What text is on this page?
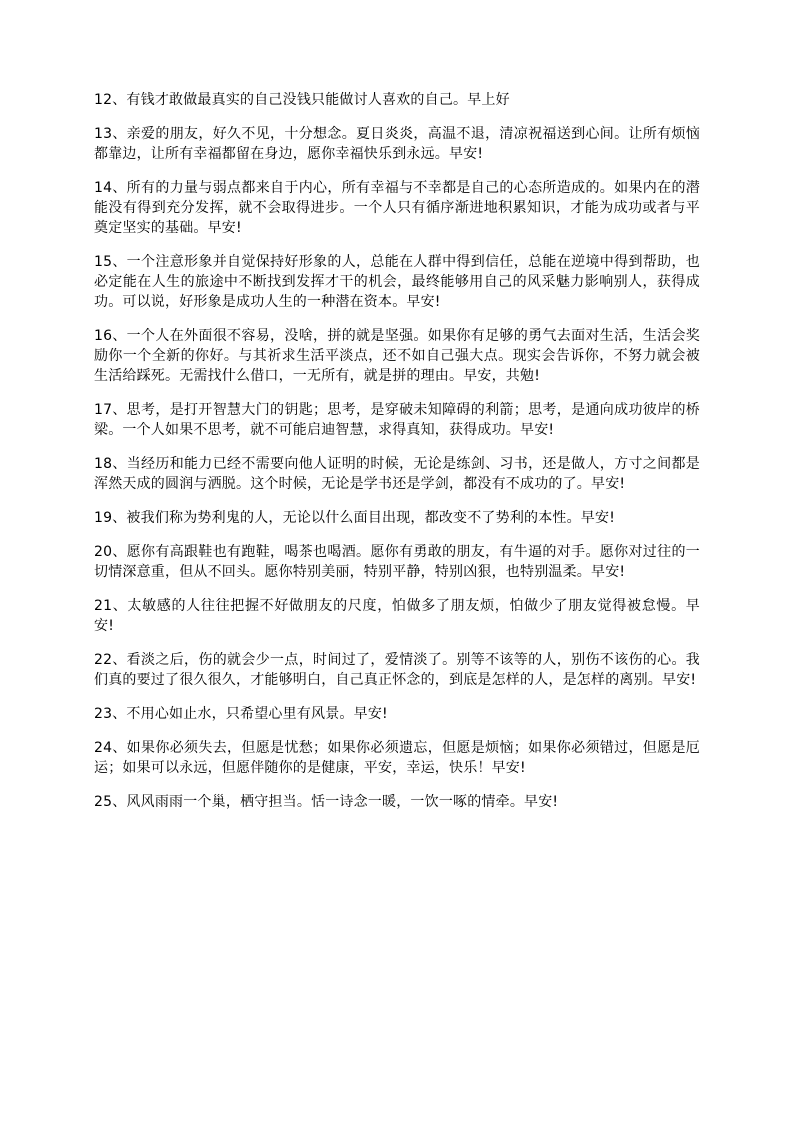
12、有钱才敢做最真实的自己没钱只能做讨人喜欢的自己。早上好

13、亲爱的朋友，好久不见，十分想念。夏日炎炎，高温不退，清凉祝福送到心间。让所有烦恼都靠边，让所有幸福都留在身边，愿你幸福快乐到永远。早安!

14、所有的力量与弱点都来自于内心，所有幸福与不幸都是自己的心态所造成的。如果内在的潜能没有得到充分发挥，就不会取得进步。一个人只有循序渐进地积累知识，才能为成功或者与平奠定坚实的基础。早安!

15、一个注意形象并自觉保持好形象的人，总能在人群中得到信任，总能在逆境中得到帮助，也必定能在人生的旅途中不断找到发挥才干的机会，最终能够用自己的风采魅力影响别人，获得成功。可以说，好形象是成功人生的一种潜在资本。早安!

16、一个人在外面很不容易，没啥，拼的就是坚强。如果你有足够的勇气去面对生活，生活会奖励你一个全新的你好。与其祈求生活平淡点，还不如自己强大点。现实会告诉你，不努力就会被生活给踩死。无需找什么借口，一无所有，就是拼的理由。早安，共勉!

17、思考，是打开智慧大门的钥匙；思考，是穿破未知障碍的利箭；思考，是通向成功彼岸的桥梁。一个人如果不思考，就不可能启迪智慧，求得真知，获得成功。早安!

18、当经历和能力已经不需要向他人证明的时候，无论是练剑、习书，还是做人，方寸之间都是浑然天成的圆润与洒脱。这个时候，无论是学书还是学剑，都没有不成功的了。早安!

19、被我们称为势利鬼的人，无论以什么面目出现，都改变不了势利的本性。早安!

20、愿你有高跟鞋也有跑鞋，喝茶也喝酒。愿你有勇敢的朋友，有牛逼的对手。愿你对过往的一切情深意重，但从不回头。愿你特别美丽，特别平静，特别凶狠，也特别温柔。早安!

21、太敏感的人往往把握不好做朋友的尺度，怕做多了朋友烦，怕做少了朋友觉得被怠慢。早安!

22、看淡之后，伤的就会少一点，时间过了，爱情淡了。别等不该等的人，别伤不该伤的心。我们真的要过了很久很久，才能够明白，自己真正怀念的，到底是怎样的人，是怎样的离别。早安!

23、不用心如止水，只希望心里有风景。早安!

24、如果你必须失去，但愿是忧愁；如果你必须遗忘，但愿是烦恼；如果你必须错过，但愿是厄运；如果可以永远，但愿伴随你的是健康，平安，幸运，快乐！早安!

25、风风雨雨一个巢，栖守担当。恬一诗念一暖，一饮一啄的情牵。早安!
